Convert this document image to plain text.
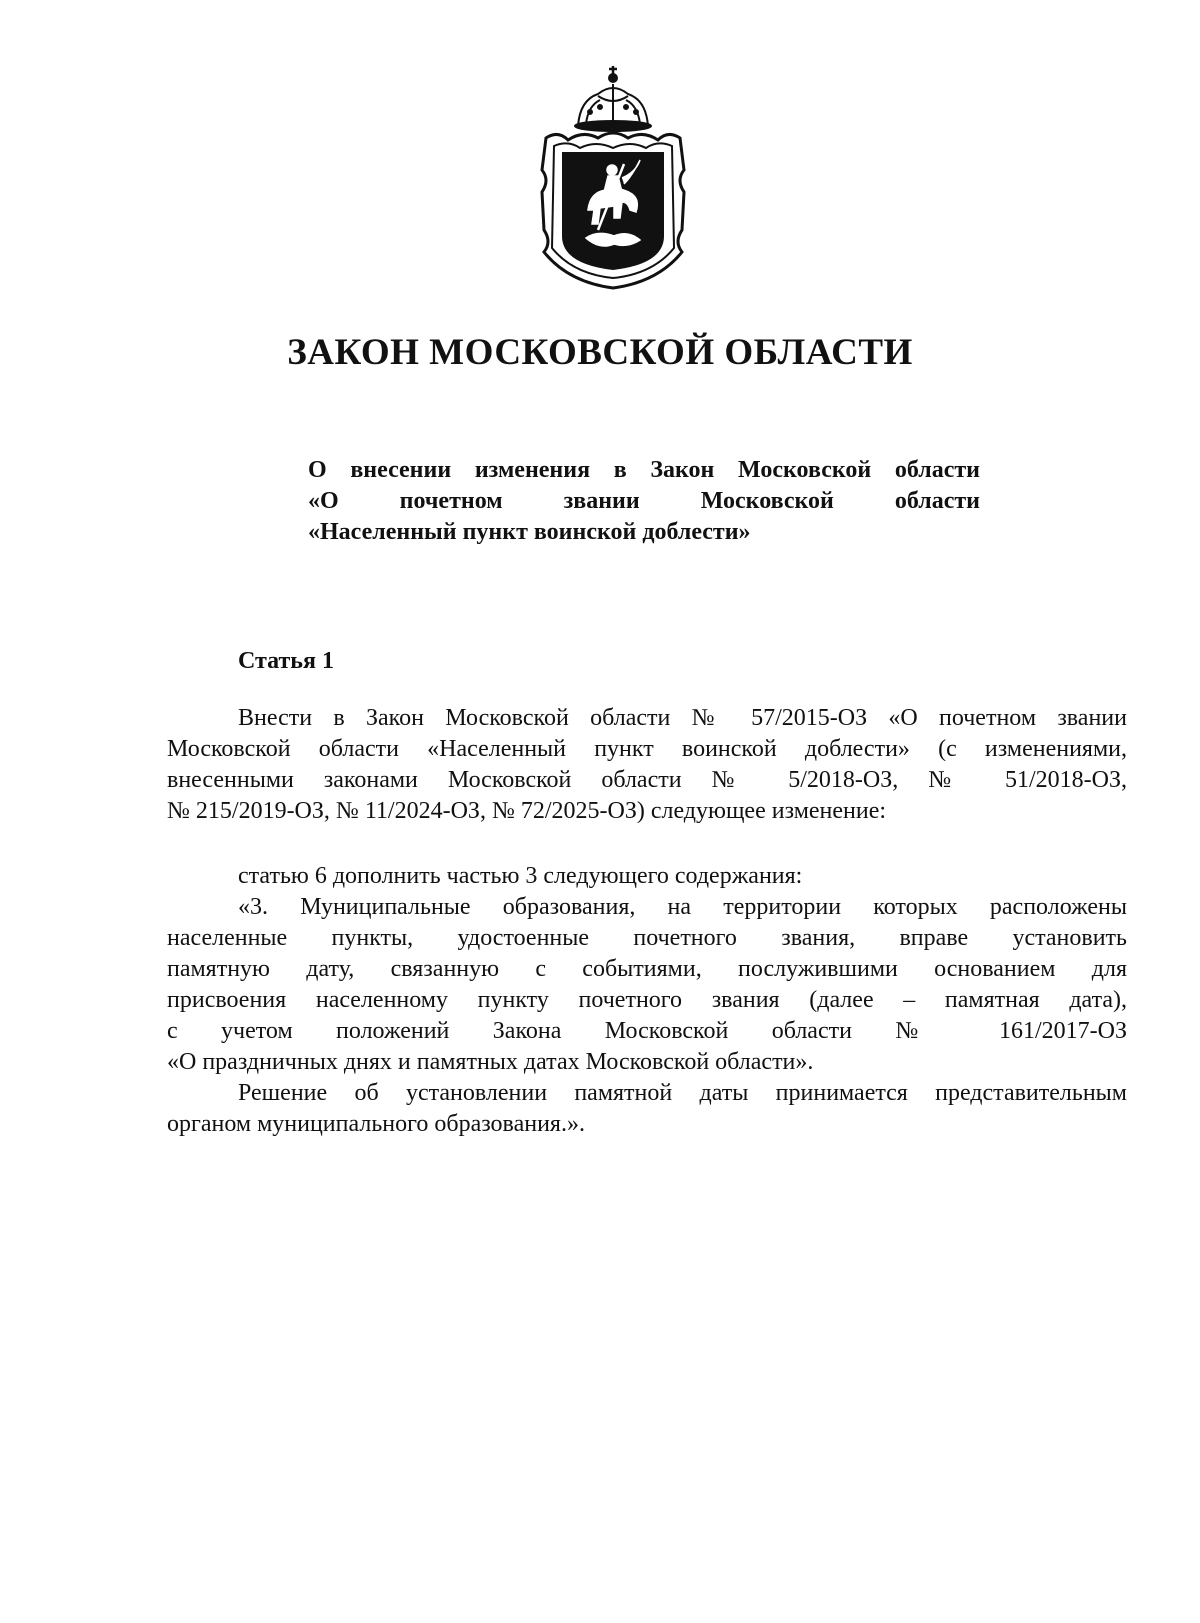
ЗАКОН МОСКОВСКОЙ ОБЛАСТИ
О внесении изменения в Закон Московской области
«О почетном звании Московской области
«Населенный пункт воинской доблести»
Статья 1
Внести в Закон Московской области № 57/2015-ОЗ «О почетном звании
Московской области «Населенный пункт воинской доблести» (с изменениями,
внесенными законами Московской области № 5/2018-ОЗ, № 51/2018-ОЗ,
№ 215/2019-ОЗ, № 11/2024-ОЗ, № 72/2025-ОЗ) следующее изменение:
статью 6 дополнить частью 3 следующего содержания:
«3. Муниципальные образования, на территории которых расположены
населенные пункты, удостоенные почетного звания, вправе установить
памятную дату, связанную с событиями, послужившими основанием для
присвоения населенному пункту почетного звания (далее – памятная дата),
с учетом положений Закона Московской области № 161/2017-ОЗ
«О праздничных днях и памятных датах Московской области».
Решение об установлении памятной даты принимается представительным
органом муниципального образования.».
